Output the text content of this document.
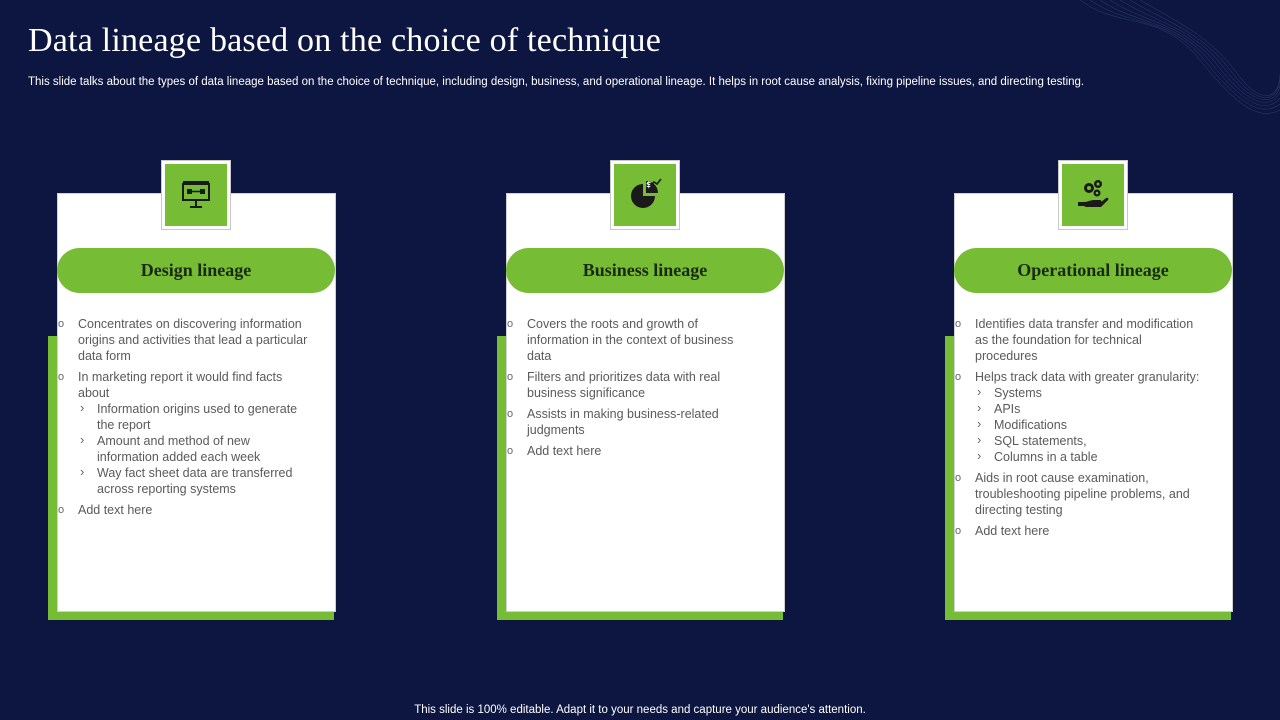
Data lineage based on the choice of technique

This slide talks about the types of data lineage based on the choice of technique, including design, business, and operational lineage. It helps in root cause analysis, fixing pipeline issues, and directing testing.

Design lineage
o Concentrates on discovering information origins and activities that lead a particular data form
o In marketing report it would find facts about
› Information origins used to generate the report
› Amount and method of new information added each week
› Way fact sheet data are transferred across reporting systems
o Add text here
$
Business lineage
o Covers the roots and growth of information in the context of business data
o Filters and prioritizes data with real business significance
o Assists in making business-related judgments
o Add text here
Operational lineage
o Identifies data transfer and modification as the foundation for technical procedures
o Helps track data with greater granularity:
› Systems
› APIs
› Modifications
› SQL statements,
› Columns in a table
o Aids in root cause examination, troubleshooting pipeline problems, and directing testing
o Add text here
This slide is 100% editable. Adapt it to your needs and capture your audience's attention.
